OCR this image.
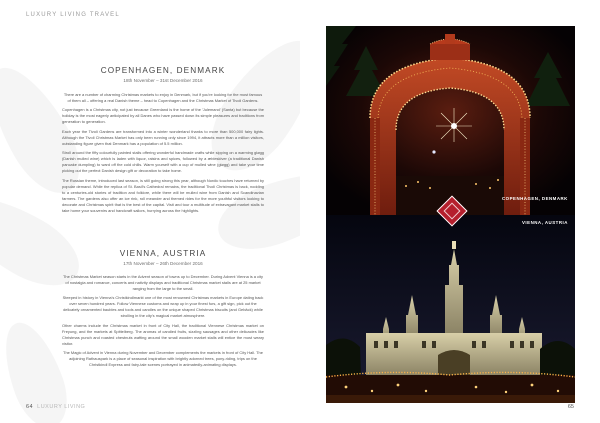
LUXURY LIVING TRAVEL
COPENHAGEN, DENMARK
18th November – 31st December 2016

There are a number of charming Christmas markets to enjoy in Denmark, but if you're looking for the most famous of them all – offering a real Danish theme – head to Copenhagen and the Christmas Market of Tivoli Gardens.

Copenhagen is a Christmas city, not just because Greenland is the home of the 'Julemand' (Santa) but because the holiday is the most eagerly anticipated by all Danes who have passed down its simple pleasures and traditions from generation to generation.

Each year the Tivoli Gardens are transformed into a winter wonderland thanks to more than 500,000 fairy lights. Although the Tivoli Christmas Market has only been running only since 1994, it attracts more than a million visitors, outstanding figure given that Denmark has a population of 5.5 million.

Stroll around the fifty colourfully painted stalls offering wonderful handmade crafts while sipping on a warming gløgg (Danish mulled wine) which is laden with liquor, raisins and spices, followed by a æbleskiver (a traditional Danish pancake dumpling) to ward off the cold chills. Warm yourself with a cup of mulled wine (gløgg) and take your time picking out the perfect Danish design gift or decoration to take home.

The Russian theme, introduced last season, is still going strong this year, although Nordic touches have returned by popular demand. While the replica of St. Basil's Cathedral remains, the traditional Tivoli Christmas is back, nodding to a centuries-old stories of tradition and folklore, while there will be mulled wine from Danish and Scandinavian farmers. The gardens also offer an ice rink, roll meander and themed rides for the more youthful visitors looking to decorate and Christmas spirit that is the best of the capital. Visit and tour a multitude of extravagant market stalls to take home your souvenirs and handcraft sailors, hurrying across the highlights.

VIENNA, AUSTRIA
17th November – 26th December 2016

The Christmas Market season starts in the Advent season of towns up to December. During Advent Vienna is a city of nostalgia and romance, concerts and nativity displays and traditional Christmas market stalls are at 25 market ranging from the large to the small.

Steeped in history in Vienna's Christkindlmarkt one of the most renowned Christmas markets in Europe dating back over seven hundred years. Follow Viennese customs and wrap up in your finest furs, a gift sign, pick out the delicately ornamented baubles and tools and candles on the unique shaped Christmas biscuits (and Gebäck) while strolling in the city's magical market atmosphere.

Other charms include the Christmas market in front of City Hall, the traditional Viennese Christmas market on Freyung, and the markets at Spittelberg. The aromas of candied fruits, sizzling sausages and other delicacies like Christmas punch and roasted chestnuts wafting around the small wooden market stalls will entice the most weary visitor.

The Magic of Advent in Vienna during November and December complements the markets in front of City Hall. The adjoining Rathauspark is a place of seasonal inspiration with brightly adorned trees, pony-riding, trips on the Christkindl Express and fairy-tale scenes portrayed in animatedly-animating displays.

64 LUXURY LIVING
COPENHAGEN, DENMARK
VIENNA, AUSTRIA
65
